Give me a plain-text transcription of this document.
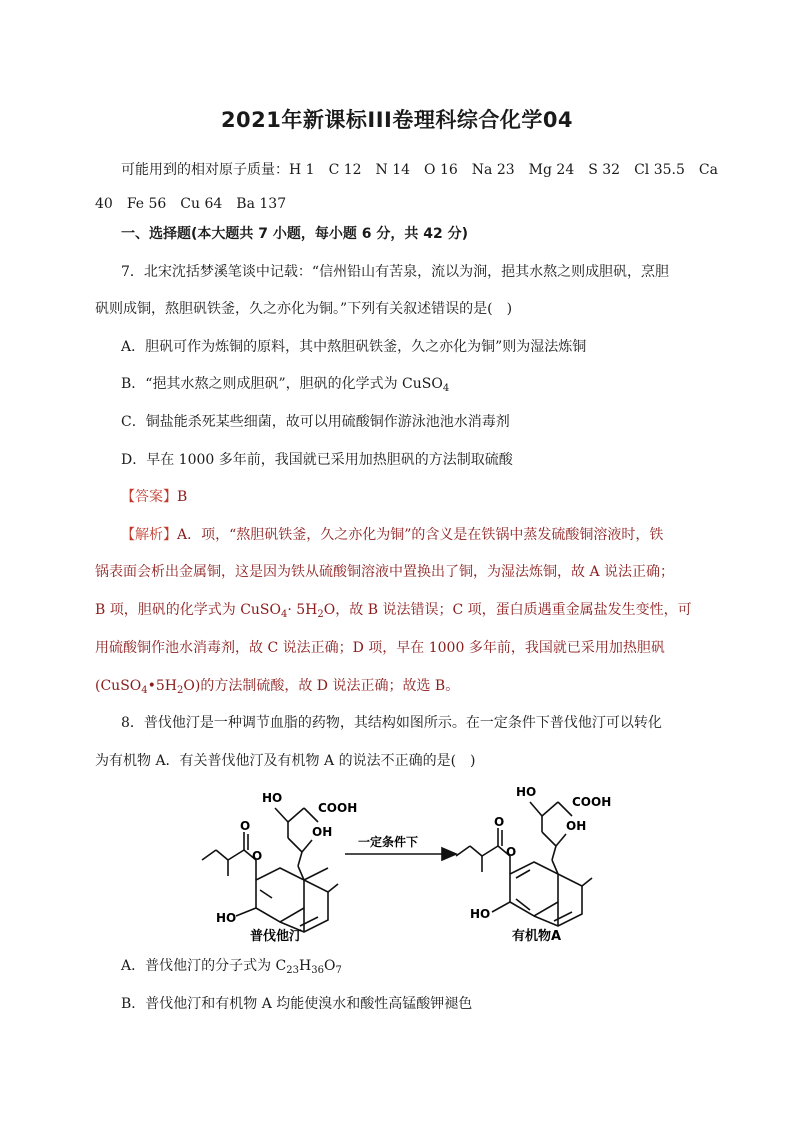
2021年新课标III卷理科综合化学04
可能用到的相对原子质量：H 1　C 12　N 14　O 16　Na 23　Mg 24　S 32　Cl 35.5　Ca
40　Fe 56　Cu 64　Ba 137
一、选择题(本大题共 7 小题，每小题 6 分，共 42 分)
7．北宋沈括梦溪笔谈中记载：“信州铅山有苦泉，流以为涧，挹其水熬之则成胆矾，烹胆
矾则成铜，熬胆矾铁釜，久之亦化为铜。”下列有关叙述错误的是(　)
A．胆矾可作为炼铜的原料，其中熬胆矾铁釜，久之亦化为铜”则为湿法炼铜
B．“挹其水熬之则成胆矾”，胆矾的化学式为 CuSO$_4$
C．铜盐能杀死某些细菌，故可以用硫酸铜作游泳池池水消毒剂
D．早在 1000 多年前，我国就已采用加热胆矾的方法制取硫酸
【答案】B
【解析】A．项，“熬胆矾铁釜，久之亦化为铜”的含义是在铁锅中蒸发硫酸铜溶液时，铁
锅表面会析出金属铜，这是因为铁从硫酸铜溶液中置换出了铜，为湿法炼铜，故 A 说法正确；
B 项，胆矾的化学式为 CuSO$_4$· $5H_2O$，故 B 说法错误；C 项，蛋白质遇重金属盐发生变性，可
用硫酸铜作池水消毒剂，故 C 说法正确；D 项，早在 1000 多年前，我国就已采用加热胆矾
$(CuSO_4•5H_2O)$的方法制硫酸，故 D 说法正确；故选 B。
8．普伐他汀是一种调节血脂的药物，其结构如图所示。在一定条件下普伐他汀可以转化
为有机物 A．有关普伐他汀及有机物 A 的说法不正确的是(　)
HO
COOH
OH
O
O
HO
普伐他汀
一定条件下
HO
COOH
OH
O
O
HO
有机物A
A．普伐他汀的分子式为 $C_{23}H_{36}O_7$
B．普伐他汀和有机物 A 均能使溴水和酸性高锰酸钾褪色
